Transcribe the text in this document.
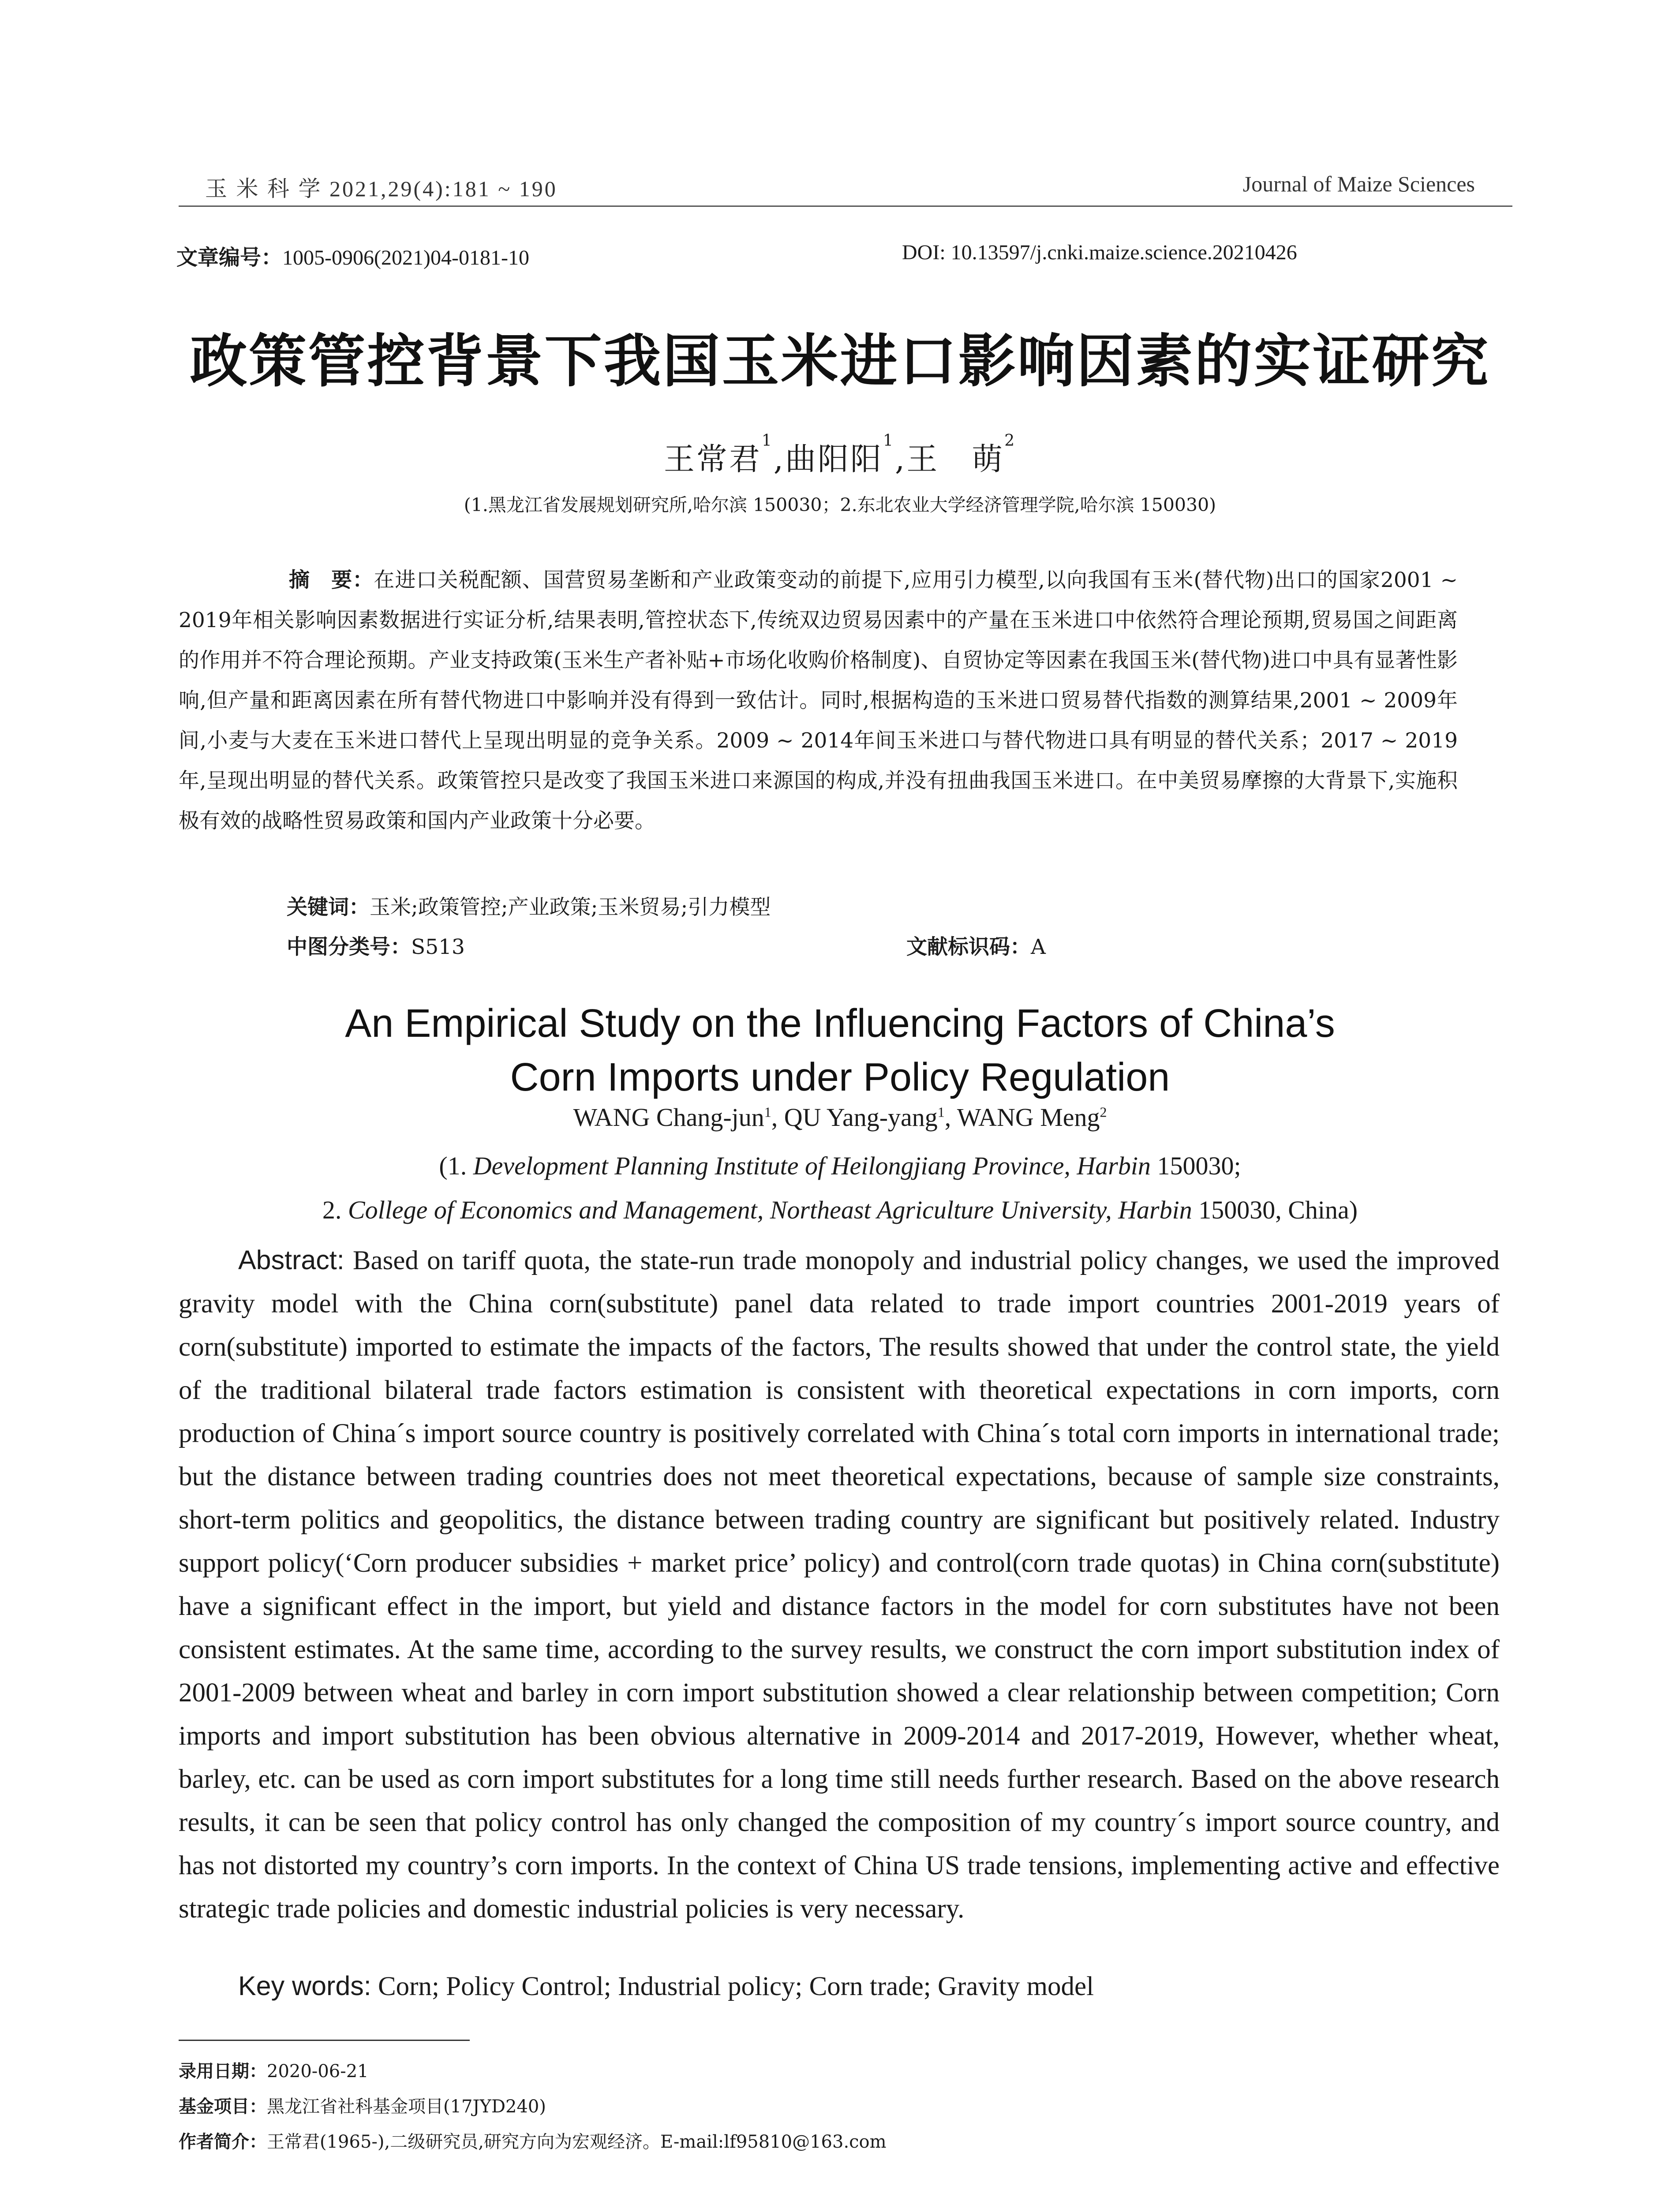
玉 米 科 学 2021,29(4):181 ~ 190	Journal of Maize Sciences
文章编号：1005-0906(2021)04-0181-10	DOI: 10.13597/j.cnki.maize.science.20210426
政策管控背景下我国玉米进口影响因素的实证研究
王常君$^1$,曲阳阳$^1$,王　萌$^2$
(1.黑龙江省发展规划研究所,哈尔滨 150030；2.东北农业大学经济管理学院,哈尔滨 150030)
摘　要：在进口关税配额、国营贸易垄断和产业政策变动的前提下,应用引力模型,以向我国有玉米(替代物)出口的国家2001 ~ 2019年相关影响因素数据进行实证分析,结果表明,管控状态下,传统双边贸易因素中的产量在玉米进口中依然符合理论预期,贸易国之间距离的作用并不符合理论预期。产业支持政策(玉米生产者补贴+市场化收购价格制度)、自贸协定等因素在我国玉米(替代物)进口中具有显著性影响,但产量和距离因素在所有替代物进口中影响并没有得到一致估计。同时,根据构造的玉米进口贸易替代指数的测算结果,2001 ~ 2009年间,小麦与大麦在玉米进口替代上呈现出明显的竞争关系。2009 ~ 2014年间玉米进口与替代物进口具有明显的替代关系；2017 ~ 2019年,呈现出明显的替代关系。政策管控只是改变了我国玉米进口来源国的构成,并没有扭曲我国玉米进口。在中美贸易摩擦的大背景下,实施积极有效的战略性贸易政策和国内产业政策十分必要。
关键词：玉米;政策管控;产业政策;玉米贸易;引力模型
中图分类号：S513	文献标识码：A
An Empirical Study on the Influencing Factors of China’s
Corn Imports under Policy Regulation
WANG Chang-jun$^1$, QU Yang-yang$^1$, WANG Meng$^2$
(1. Development Planning Institute of Heilongjiang Province, Harbin 150030;
2. College of Economics and Management, Northeast Agriculture University, Harbin 150030, China)
Abstract: Based on tariff quota, the state-run trade monopoly and industrial policy changes, we used the improved gravity model with the China corn(substitute) panel data related to trade import countries 2001-2019 years of corn(substitute) imported to estimate the impacts of the factors, The results showed that under the control state, the yield of the traditional bilateral trade factors estimation is consistent with theoretical expectations in corn imports, corn production of China´s import source country is positively correlated with China´s total corn imports in international trade; but the distance between trading countries does not meet theoretical expectations, because of sample size constraints, short-term politics and geopolitics, the distance between trading country are significant but positively related. Industry support policy(‘Corn producer subsidies + market price’ policy) and control(corn trade quotas) in China corn(substitute) have a significant effect in the import, but yield and distance factors in the model for corn substitutes have not been consistent estimates. At the same time, according to the survey results, we construct the corn import substitution index of 2001-2009 between wheat and barley in corn import substitution showed a clear relationship between competition; Corn imports and import substitution has been obvious alternative in 2009-2014 and 2017-2019, However, whether wheat, barley, etc. can be used as corn import substitutes for a long time still needs further research. Based on the above research results, it can be seen that policy control has only changed the composition of my country´s import source country, and has not distorted my country’s corn imports. In the context of China US trade tensions, implementing active and effective strategic trade policies and domestic industrial policies is very necessary.
Key words: Corn; Policy Control; Industrial policy; Corn trade; Gravity model
录用日期：2020-06-21
基金项目：黑龙江省社科基金项目(17JYD240)
作者简介：王常君(1965-),二级研究员,研究方向为宏观经济。E-mail:lf95810@163.com
